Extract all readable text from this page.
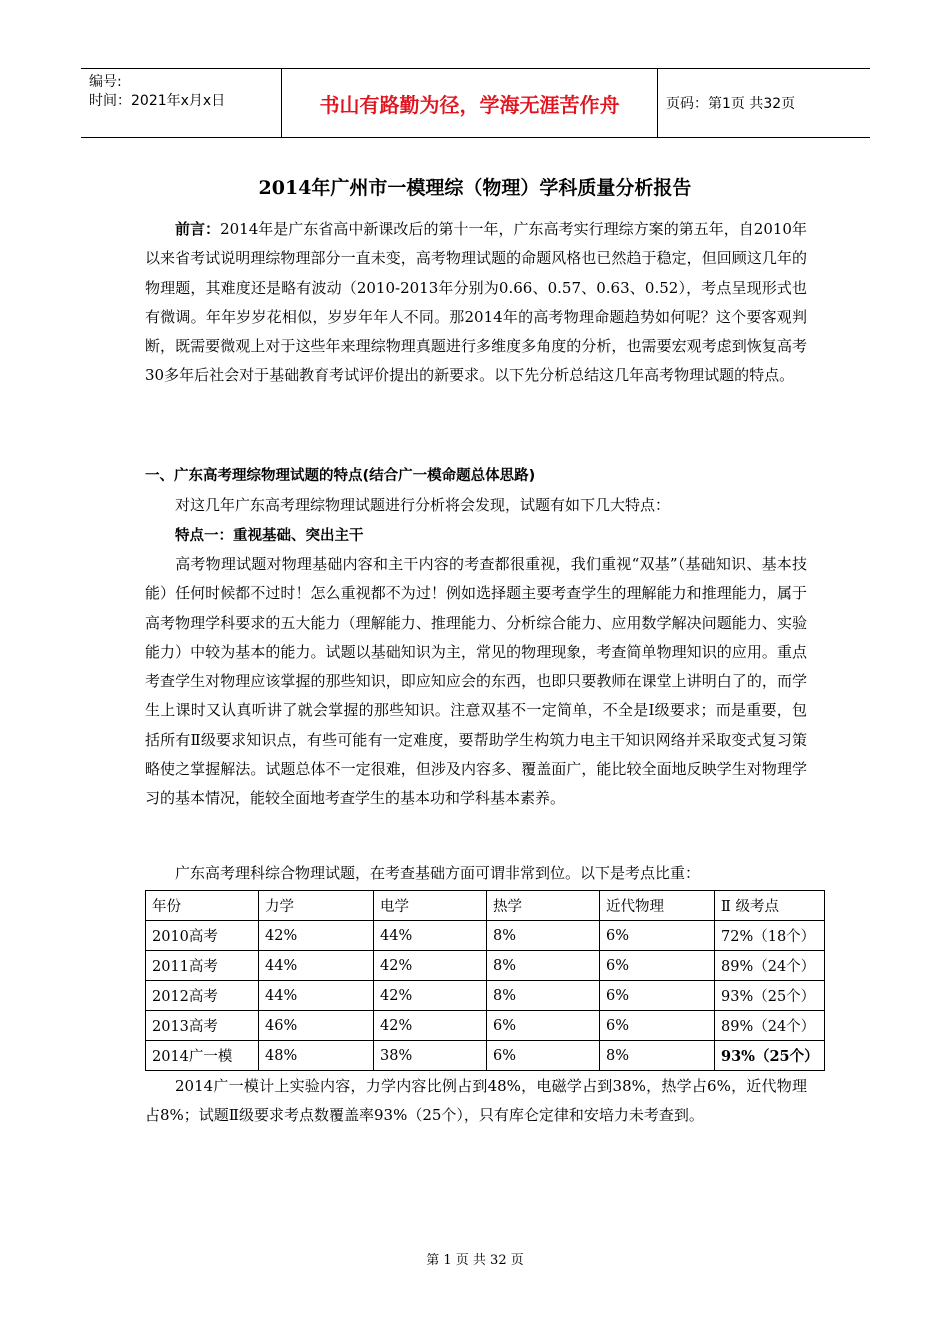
编号:
时间：2021年x月x日	书山有路勤为径，学海无涯苦作舟	页码：第1页 共32页
2014年广州市一模理综（物理）学科质量分析报告

前言：2014年是广东省高中新课改后的第十一年，广东高考实行理综方案的第五年，自2010年以来省考试说明理综物理部分一直未变，高考物理试题的命题风格也已然趋于稳定，但回顾这几年的物理题，其难度还是略有波动（2010-2013年分别为0.66、0.57、0.63、0.52），考点呈现形式也有微调。年年岁岁花相似，岁岁年年人不同。那2014年的高考物理命题趋势如何呢？这个要客观判断，既需要微观上对于这些年来理综物理真题进行多维度多角度的分析，也需要宏观考虑到恢复高考30多年后社会对于基础教育考试评价提出的新要求。以下先分析总结这几年高考物理试题的特点。

一、广东高考理综物理试题的特点(结合广一模命题总体思路)
对这几年广东高考理综物理试题进行分析将会发现，试题有如下几大特点：
特点一：重视基础、突出主干

高考物理试题对物理基础内容和主干内容的考查都很重视，我们重视“双基”（基础知识、基本技能）任何时候都不过时！怎么重视都不为过！例如选择题主要考查学生的理解能力和推理能力，属于高考物理学科要求的五大能力（理解能力、推理能力、分析综合能力、应用数学解决问题能力、实验能力）中较为基本的能力。试题以基础知识为主，常见的物理现象，考查简单物理知识的应用。重点考查学生对物理应该掌握的那些知识，即应知应会的东西，也即只要教师在课堂上讲明白了的，而学生上课时又认真听讲了就会掌握的那些知识。注意双基不一定简单，不全是I级要求；而是重要，包括所有Ⅱ级要求知识点，有些可能有一定难度，要帮助学生构筑力电主干知识网络并采取变式复习策略使之掌握解法。试题总体不一定很难，但涉及内容多、覆盖面广，能比较全面地反映学生对物理学习的基本情况，能较全面地考查学生的基本功和学科基本素养。

广东高考理科综合物理试题，在考查基础方面可谓非常到位。以下是考点比重：
年份	力学	电学	热学	近代物理	Ⅱ 级考点
2010高考	42%	44%	8%	6%	72%（18个）
2011高考	44%	42%	8%	6%	89%（24个）
2012高考	44%	42%	8%	6%	93%（25个）
2013高考	46%	42%	6%	6%	89%（24个）
2014广一模	48%	38%	6%	8%	93%（25个）

2014广一模计上实验内容，力学内容比例占到48%，电磁学占到38%，热学占6%，近代物理占8%；试题Ⅱ级要求考点数覆盖率93%（25个），只有库仑定律和安培力未考查到。

第 1 页 共 32 页
